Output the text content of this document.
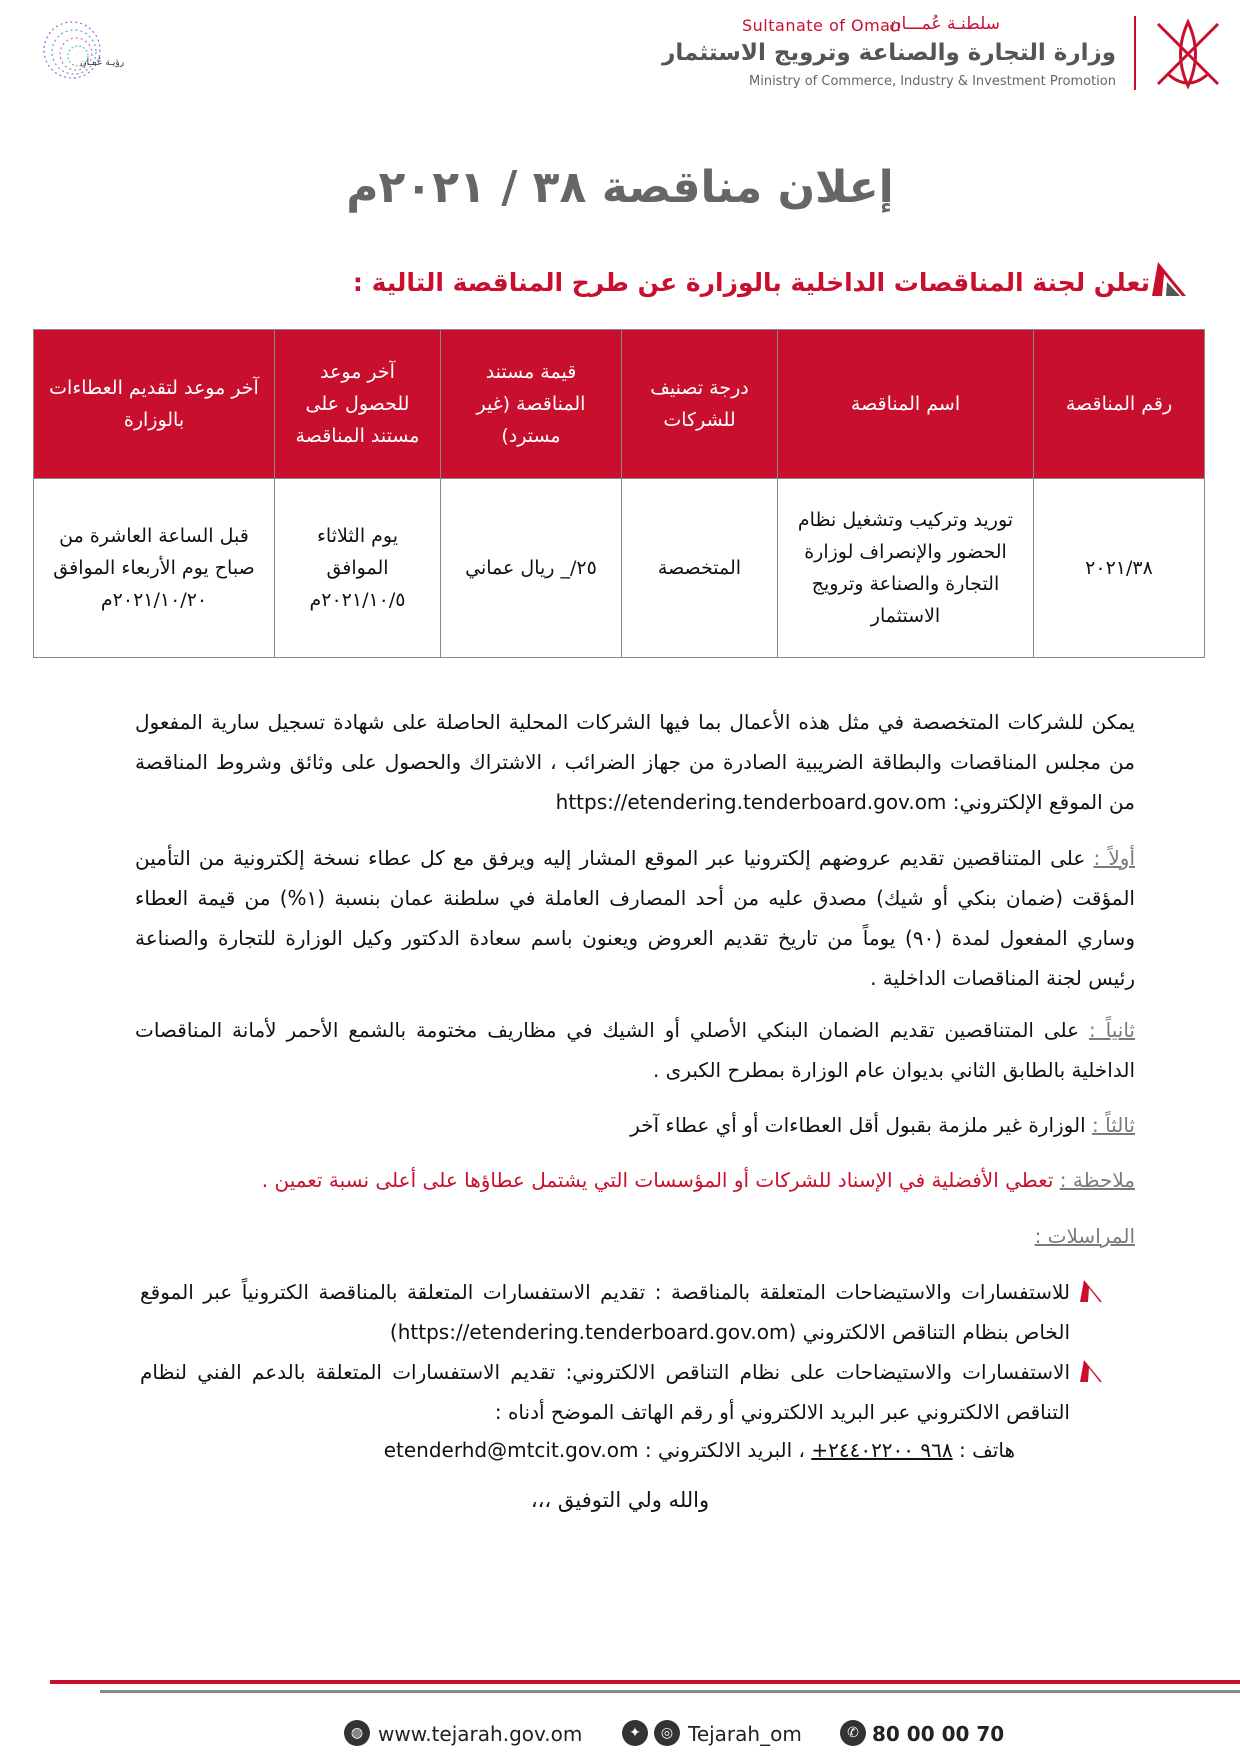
رؤيـة عُمـان
Sultanate of Oman
سلطنـة عُمـــان
وزارة التجارة والصناعة وترويج الاستثمار
Ministry of Commerce, Industry & Investment Promotion
إعلان مناقصة ٣٨ / ٢٠٢١م
تعلن لجنة المناقصات الداخلية بالوزارة عن طرح المناقصة التالية :
رقم المناقصة	اسم المناقصة	درجة تصنيف للشركات	قيمة مستند المناقصة (غير مسترد)	آخر موعد للحصول على مستند المناقصة	آخر موعد لتقديم العطاءات بالوزارة
٢٠٢١/٣٨	توريد وتركيب وتشغيل نظام الحضور والإنصراف لوزارة التجارة والصناعة وترويج الاستثمار	المتخصصة	٢٥/_ ريال عماني	يوم الثلاثاء الموافق ٢٠٢١/١٠/٥م	قبل الساعة العاشرة من صباح يوم الأربعاء الموافق ٢٠٢١/١٠/٢٠م
يمكن للشركات المتخصصة في مثل هذه الأعمال بما فيها الشركات المحلية الحاصلة على شهادة تسجيل سارية المفعول من مجلس المناقصات والبطاقة الضريبية الصادرة من جهاز الضرائب ، الاشتراك والحصول على وثائق وشروط المناقصة من الموقع الإلكتروني: https://etendering.tenderboard.gov.om
أولاً : على المتناقصين تقديم عروضهم إلكترونيا عبر الموقع المشار إليه ويرفق مع كل عطاء نسخة إلكترونية من التأمين المؤقت (ضمان بنكي أو شيك) مصدق عليه من أحد المصارف العاملة في سلطنة عمان بنسبة (١%) من قيمة العطاء وساري المفعول لمدة (٩٠) يوماً من تاريخ تقديم العروض ويعنون باسم سعادة الدكتور وكيل الوزارة للتجارة والصناعة رئيس لجنة المناقصات الداخلية .
ثانياً : على المتناقصين تقديم الضمان البنكي الأصلي أو الشيك في مظاريف مختومة بالشمع الأحمر لأمانة المناقصات الداخلية بالطابق الثاني بديوان عام الوزارة بمطرح الكبرى .
ثالثاً : الوزارة غير ملزمة بقبول أقل العطاءات أو أي عطاء آخر
ملاحظة : تعطي الأفضلية في الإسناد للشركات أو المؤسسات التي يشتمل عطاؤها على أعلى نسبة تعمين .
المراسلات :
للاستفسارات والاستيضاحات المتعلقة بالمناقصة : تقديم الاستفسارات المتعلقة بالمناقصة الكترونياً عبر الموقع الخاص بنظام التناقص الالكتروني (https://etendering.tenderboard.gov.om)
الاستفسارات والاستيضاحات على نظام التناقص الالكتروني: تقديم الاستفسارات المتعلقة بالدعم الفني لنظام التناقص الالكتروني عبر البريد الالكتروني أو رقم الهاتف الموضح أدناه :
هاتف : +٩٦٨ ٢٤٤٠٢٢٠٠ ، البريد الالكتروني : etenderhd@mtcit.gov.om
والله ولي التوفيق ،،،
◍ www.tejarah.gov.om	✦	◎ Tejarah_om	✆ 80 00 00 70
